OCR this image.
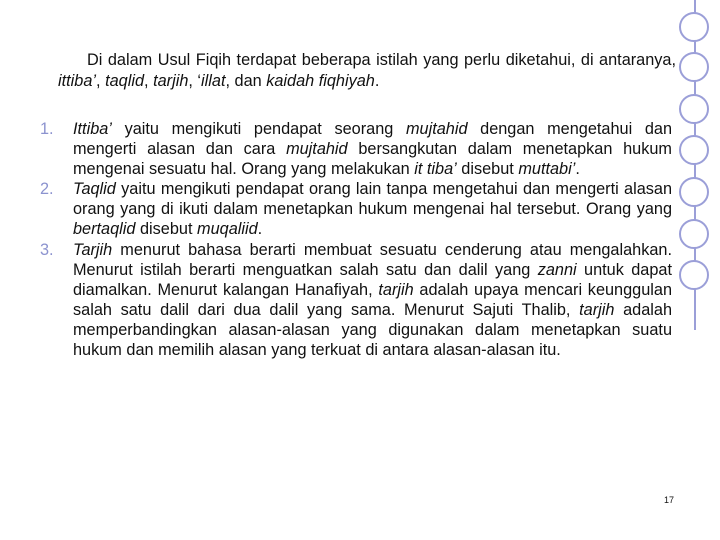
Di dalam Usul Fiqih terdapat beberapa istilah yang perlu diketahui, di antaranya, ittiba’, taqlid, tarjih, ‘illat, dan kaidah fiqhiyah.

1. Ittiba’ yaitu mengikuti pendapat seorang mujtahid dengan mengetahui dan mengerti alasan dan cara mujtahid bersangkutan dalam menetapkan hukum mengenai sesuatu hal. Orang yang melakukan it tiba’ disebut muttabi’.
2. Taqlid yaitu mengikuti pendapat orang lain tanpa mengetahui dan mengerti alasan orang yang di ikuti dalam menetapkan hukum mengenai hal tersebut. Orang yang bertaqlid disebut muqaliid.
3. Tarjih menurut bahasa berarti membuat sesuatu cenderung atau mengalahkan. Menurut istilah berarti menguatkan salah satu dan dalil yang zanni untuk dapat diamalkan. Menurut kalangan Hanafiyah, tarjih adalah upaya mencari keunggulan salah satu dalil dari dua dalil yang sama. Menurut Sajuti Thalib, tarjih adalah memperbandingkan alasan-alasan yang digunakan dalam menetapkan suatu hukum dan memilih alasan yang terkuat di antara alasan-alasan itu.
17
